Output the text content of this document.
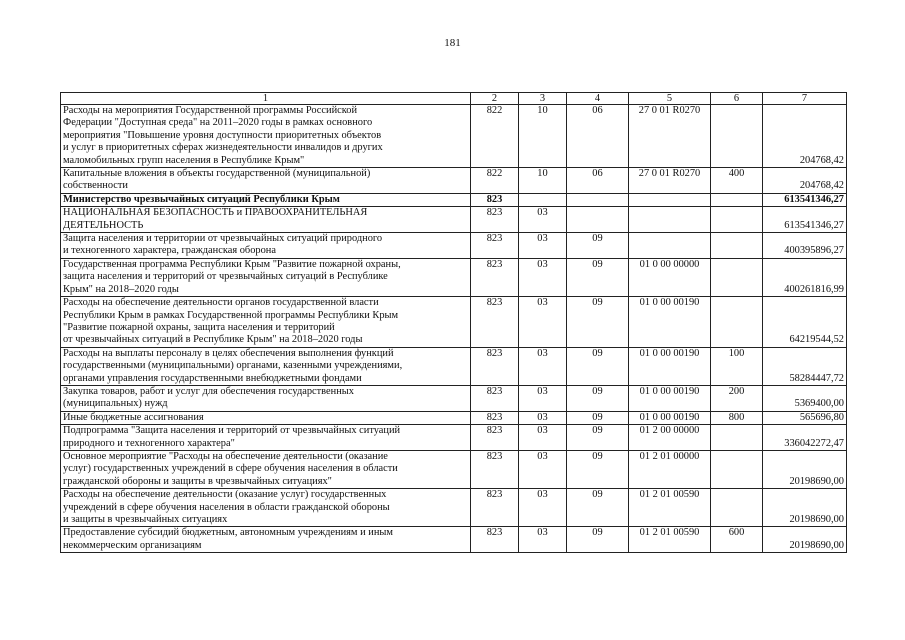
181
1	2	3	4	5	6	7
Расходы на мероприятия Государственной программы Российской
Федерации "Доступная среда" на 2011–2020 годы в рамках основного
мероприятия "Повышение уровня доступности приоритетных объектов
и услуг в приоритетных сферах жизнедеятельности инвалидов и других
маломобильных групп населения в Республике Крым"	822	10	06	27 0 01 R0270		204768,42
Капитальные вложения в объекты государственной (муниципальной)
собственности	822	10	06	27 0 01 R0270	400	204768,42
Министерство чрезвычайных ситуаций Республики Крым	823					613541346,27
НАЦИОНАЛЬНАЯ БЕЗОПАСНОСТЬ и ПРАВООХРАНИТЕЛЬНАЯ
ДЕЯТЕЛЬНОСТЬ	823	03				613541346,27
Защита населения и территории от чрезвычайных ситуаций природного
и техногенного характера, гражданская оборона	823	03	09			400395896,27
Государственная программа Республики Крым "Развитие пожарной охраны,
защита населения и территорий от чрезвычайных ситуаций в Республике
Крым" на 2018–2020 годы	823	03	09	01 0 00 00000		400261816,99
Расходы на обеспечение деятельности органов государственной власти
Республики Крым в рамках Государственной программы Республики Крым
"Развитие пожарной охраны, защита населения и территорий
от чрезвычайных ситуаций в Республике Крым" на 2018–2020 годы	823	03	09	01 0 00 00190		64219544,52
Расходы на выплаты персоналу в целях обеспечения выполнения функций
государственными (муниципальными) органами, казенными учреждениями,
органами управления государственными внебюджетными фондами	823	03	09	01 0 00 00190	100	58284447,72
Закупка товаров, работ и услуг для обеспечения государственных
(муниципальных) нужд	823	03	09	01 0 00 00190	200	5369400,00
Иные бюджетные ассигнования	823	03	09	01 0 00 00190	800	565696,80
Подпрограмма "Защита населения и территорий от чрезвычайных ситуаций
природного и техногенного характера"	823	03	09	01 2 00 00000		336042272,47
Основное мероприятие "Расходы на обеспечение деятельности (оказание
услуг) государственных учреждений в сфере обучения населения в области
гражданской обороны и защиты в чрезвычайных ситуациях"	823	03	09	01 2 01 00000		20198690,00
Расходы на обеспечение деятельности (оказание услуг) государственных
учреждений в сфере обучения населения в области гражданской обороны
и защиты в чрезвычайных ситуациях	823	03	09	01 2 01 00590		20198690,00
Предоставление субсидий бюджетным, автономным учреждениям и иным
некоммерческим организациям	823	03	09	01 2 01 00590	600	20198690,00
